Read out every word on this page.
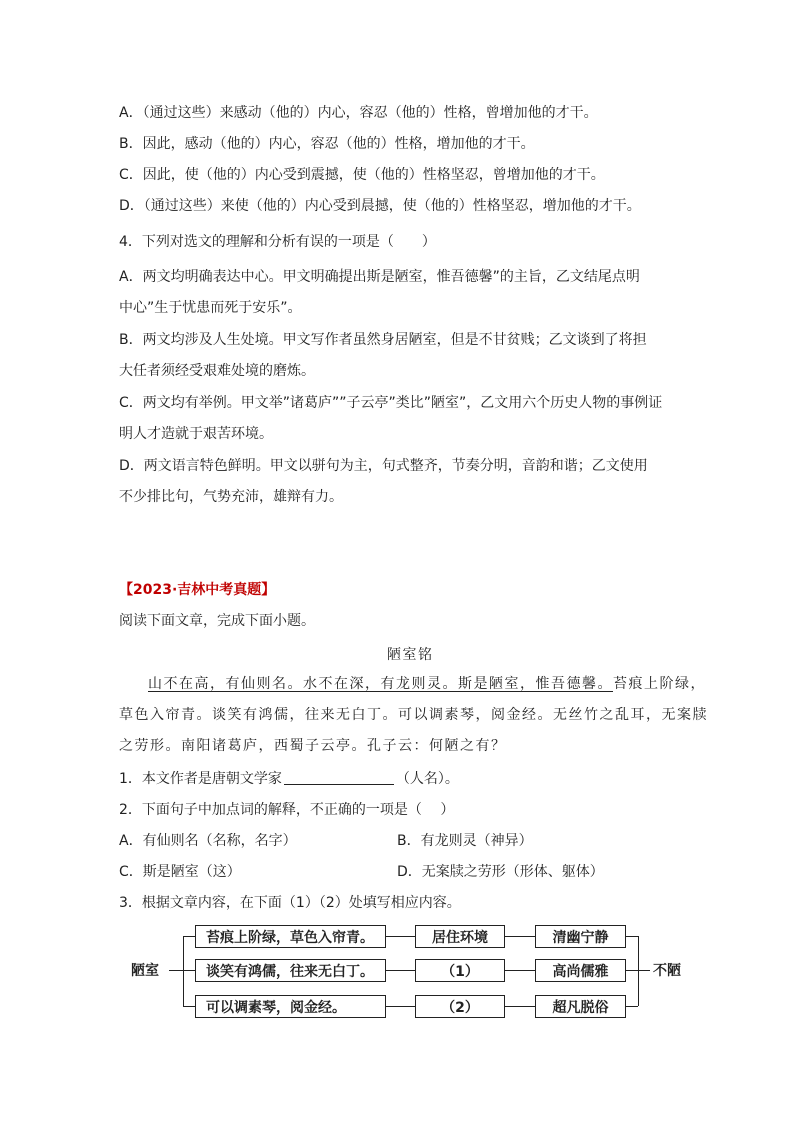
A．（通过这些）来感动（他的）内心，容忍（他的）性格，曾增加他的才干。
B．因此，感动（他的）内心，容忍（他的）性格，增加他的才干。
C．因此，使（他的）内心受到震撼，使（他的）性格坚忍，曾增加他的才干。
D．（通过这些）来使（他的）内心受到晨撼，使（他的）性格坚忍，增加他的才干。
4．下列对选文的理解和分析有误的一项是（　　）
A．两文均明确表达中心。甲文明确提出斯是陋室，惟吾德馨”的主旨，乙文结尾点明
中心”生于忧患而死于安乐”。
B．两文均涉及人生处境。甲文写作者虽然身居陋室，但是不甘贫贱；乙文谈到了将担
大任者须经受艰难处境的磨炼。
C．两文均有举例。甲文举”诸葛庐””子云亭”类比”陋室”，乙文用六个历史人物的事例证
明人才造就于艰苦环境。
D．两文语言特色鲜明。甲文以骈句为主，句式整齐，节奏分明，音韵和谐；乙文使用
不少排比句，气势充沛，雄辩有力。
【2023·吉林中考真题】
阅读下面文章，完成下面小题。
陋室铭
山不在高，有仙则名。水不在深，有龙则灵。斯是陋室，惟吾德馨。苔痕上阶绿，
草色入帘青。谈笑有鸿儒，往来无白丁。可以调素琴，阅金经。无丝竹之乱耳，无案牍
之劳形。南阳诸葛庐，西蜀子云亭。孔子云：何陋之有？
1．本文作者是唐朝文学家	（人名）。
2．下面句子中加点词的解释，不正确的一项是（　 ）
A．有仙则名（名称，名字）	B．有龙则灵（神异）
C．斯是陋室（这）	D．无案牍之劳形（形体、躯体）
3．根据文章内容，在下面（1）（2）处填写相应内容。
陋室	不陋
苔痕上阶绿，草色入帘青。	居住环境	清幽宁静
谈笑有鸿儒，往来无白丁。	（1）	高尚儒雅
可以调素琴，阅金经。	（2）	超凡脱俗
